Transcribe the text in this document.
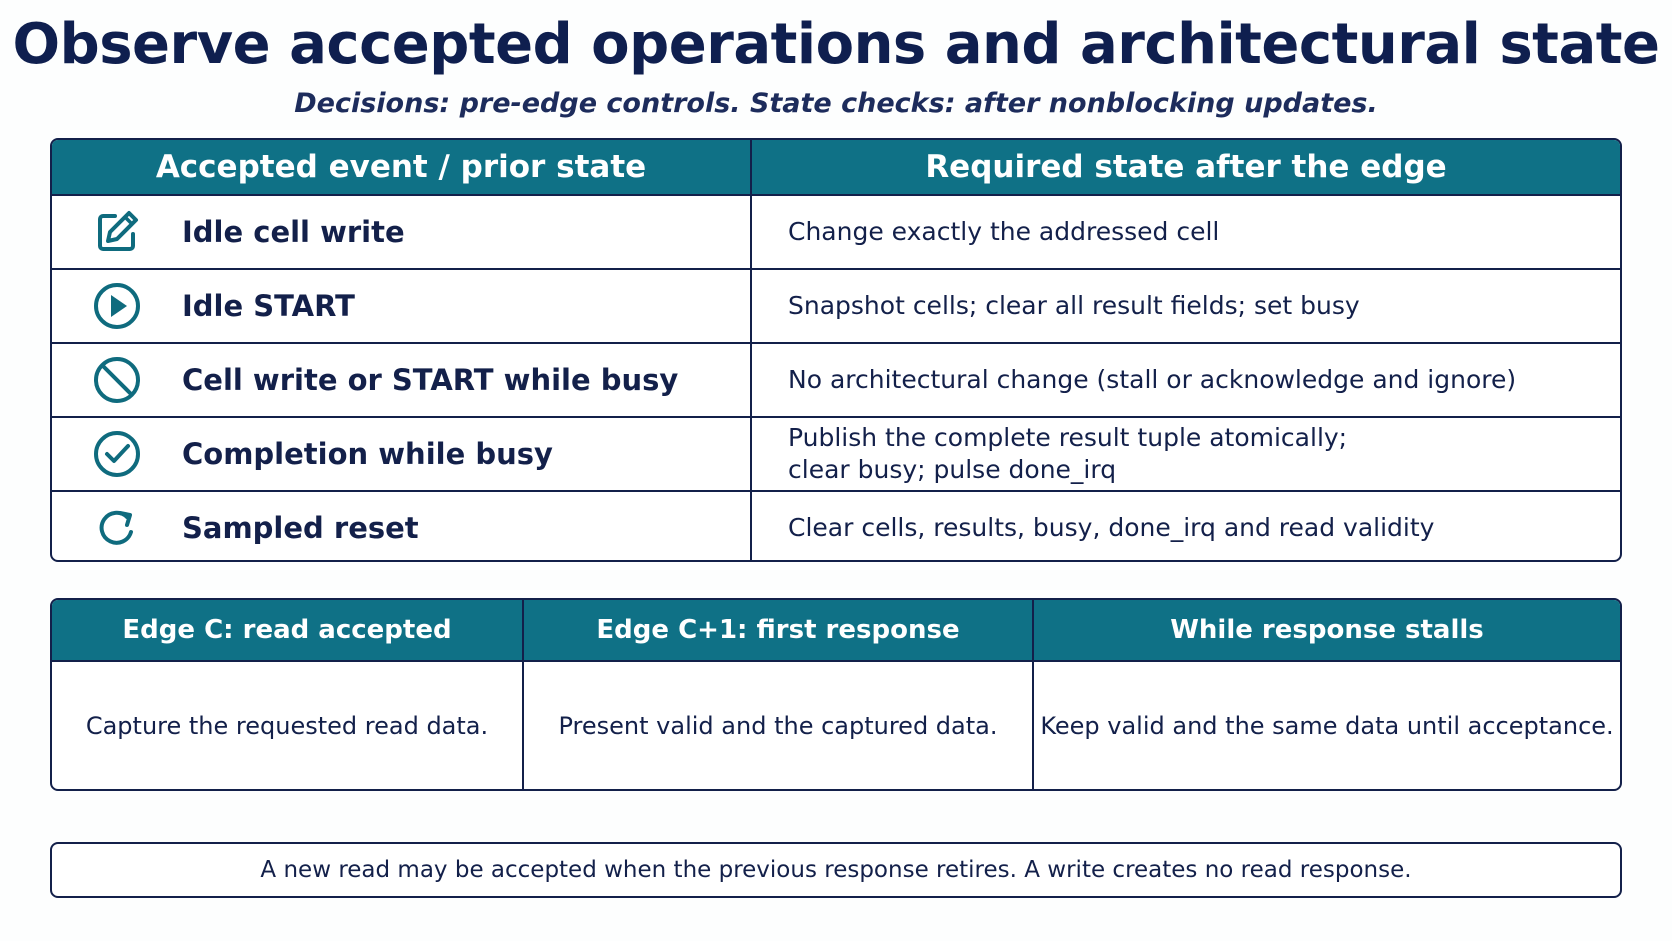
Observe accepted operations and architectural state

Decisions: pre-edge controls. State checks: after nonblocking updates.

Accepted event / prior state	Required state after the edge
Idle cell write	Change exactly the addressed cell
Idle START	Snapshot cells; clear all result fields; set busy
Cell write or START while busy	No architectural change (stall or acknowledge and ignore)
Completion while busy	Publish the complete result tuple atomically;
clear busy; pulse done_irq
Sampled reset	Clear cells, results, busy, done_irq and read validity
Edge C: read accepted	Edge C+1: first response	While response stalls
Capture the requested read data.	Present valid and the captured data.	Keep valid and the same data until acceptance.
A new read may be accepted when the previous response retires. A write creates no read response.
